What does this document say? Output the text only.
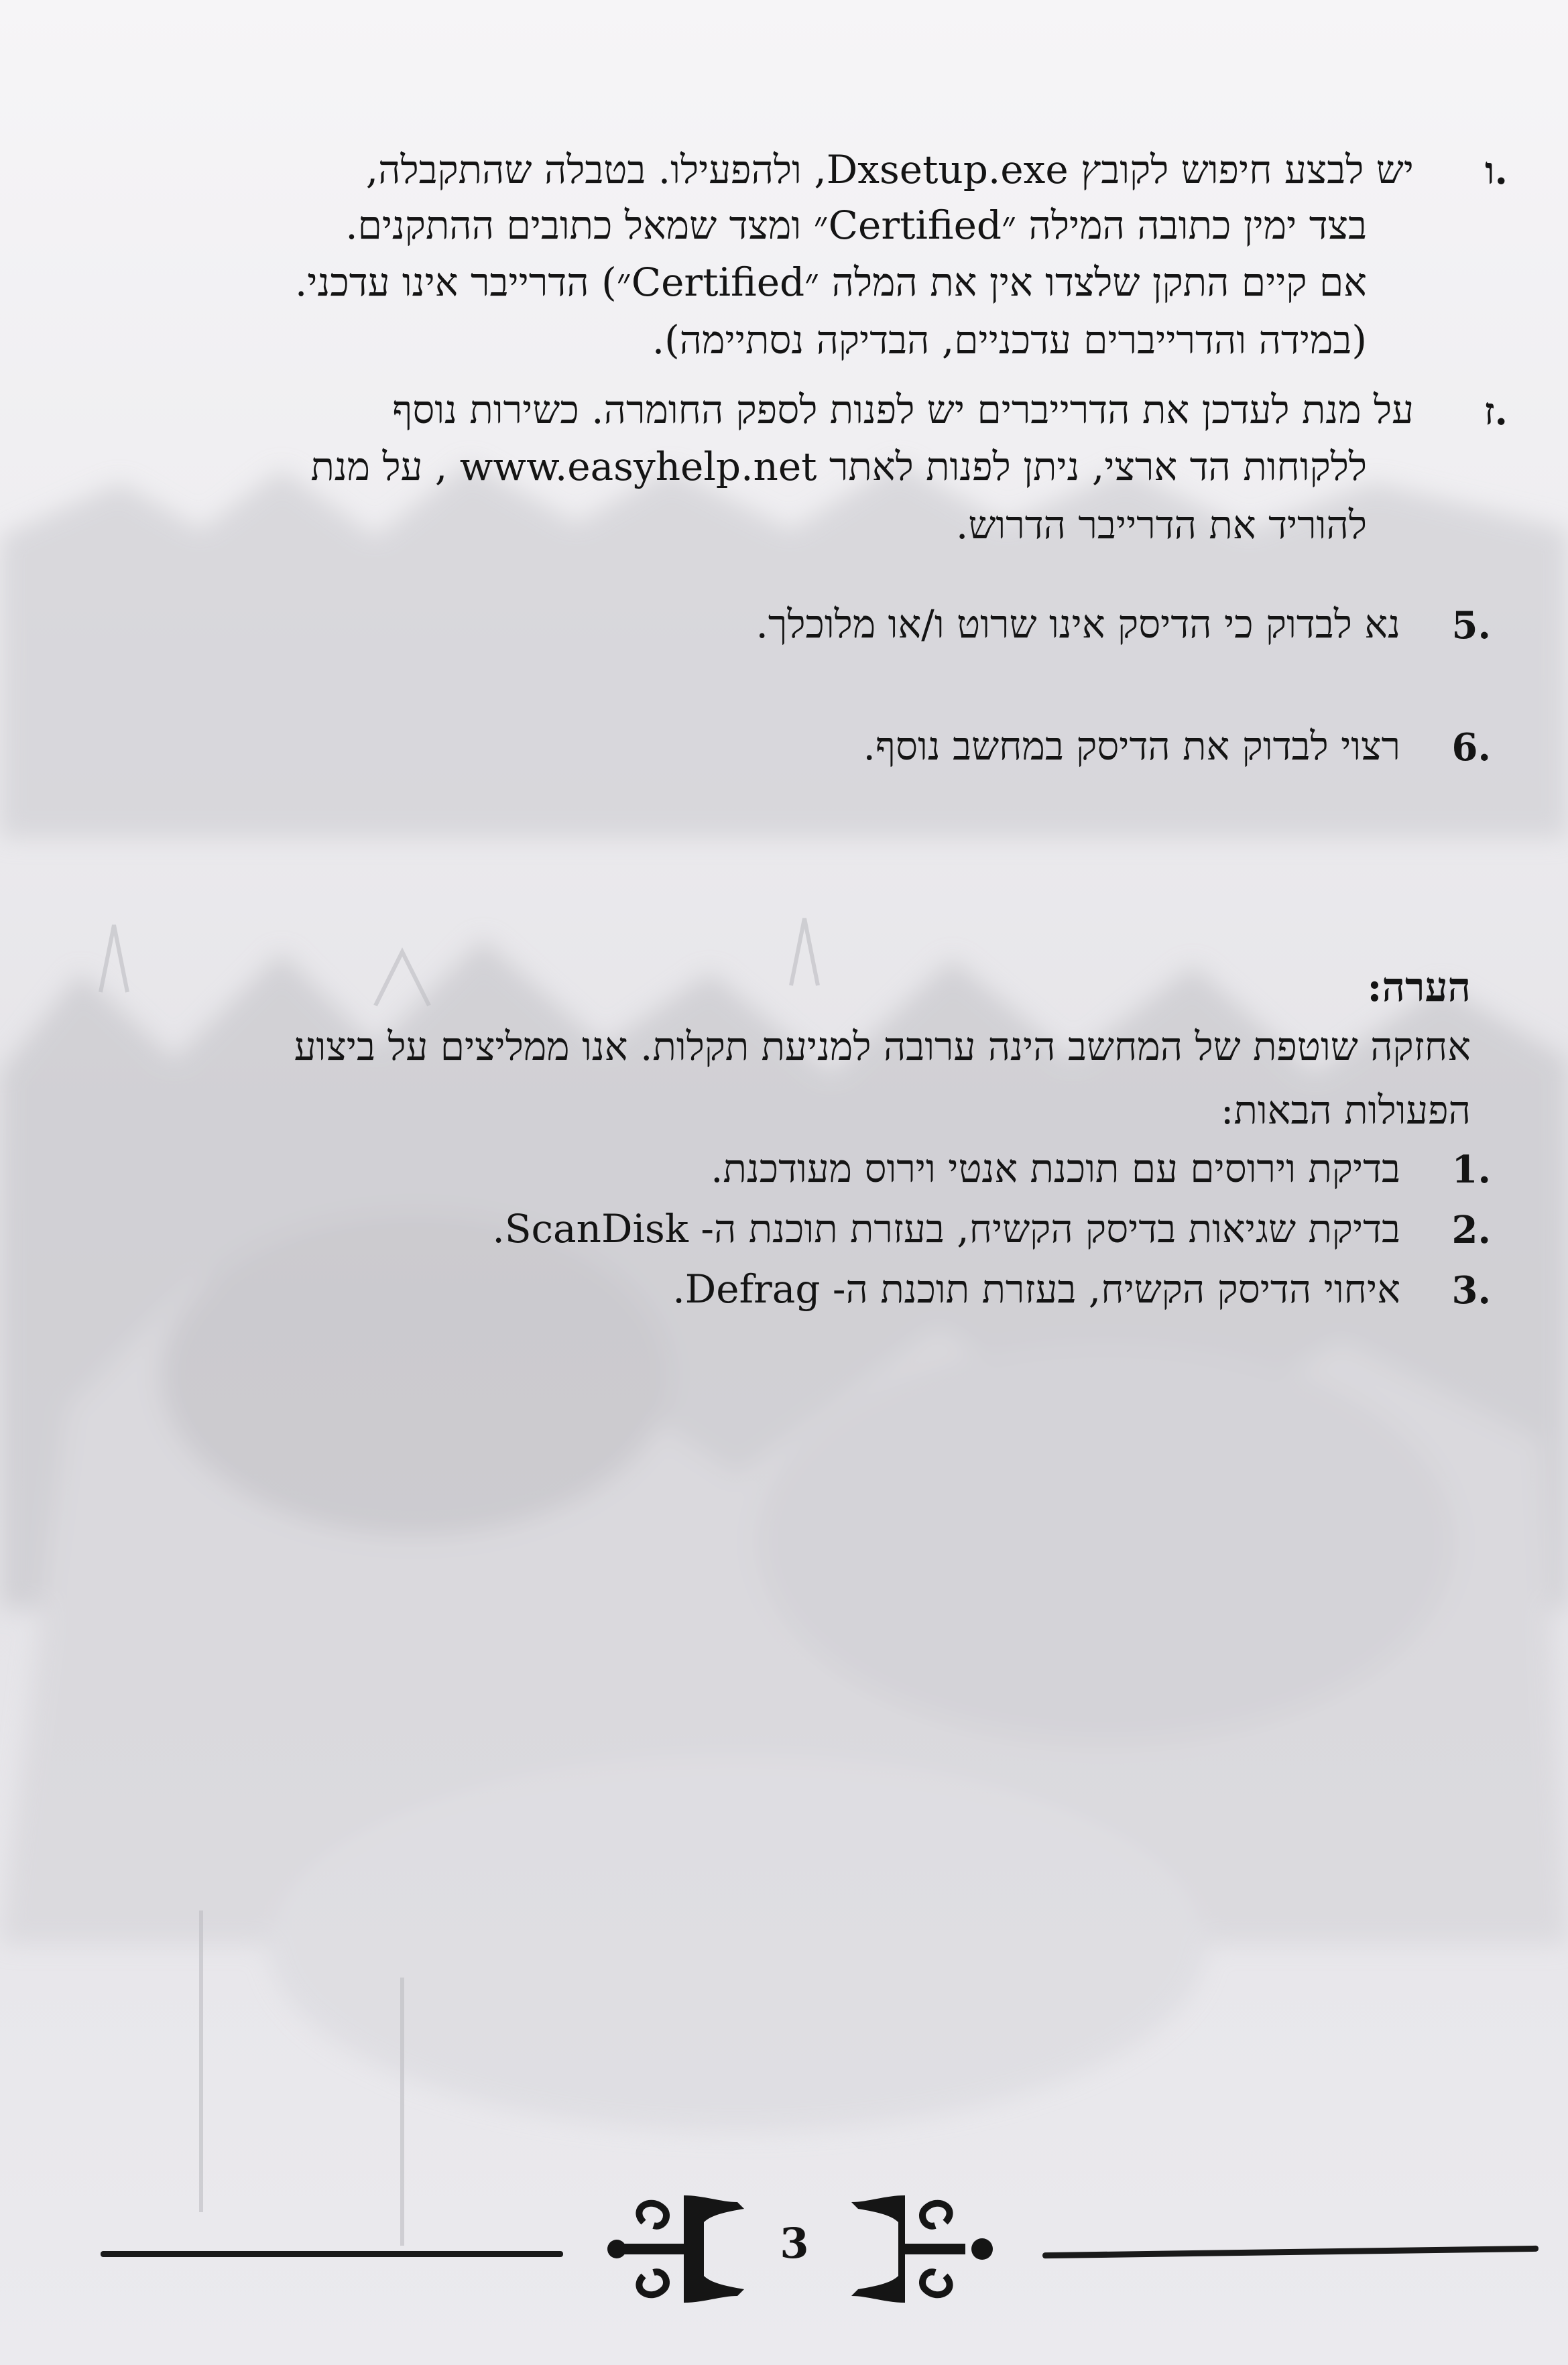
ו.
יש לבצע חיפוש לקובץ Dxsetup.exe, ולהפעילו. בטבלה שהתקבלה,
בצד ימין כתובה המילה ״Certified״ ומצד שמאל כתובים ההתקנים.
אם קיים התקן שלצדו אין את המלה ״Certified״) הדרייבר אינו עדכני.
(במידה והדרייברים עדכניים, הבדיקה נסתיימה).
ז.
על מנת לעדכן את הדרייברים יש לפנות לספק החומרה. כשירות נוסף
ללקוחות הד ארצי, ניתן לפנות לאתר www.easyhelp.net , על מנת
להוריד את הדרייבר הדרוש.
5.
נא לבדוק כי הדיסק אינו שרוט ו/או מלוכלך.
6.
רצוי לבדוק את הדיסק במחשב נוסף.
הערה:
אחזקה שוטפת של המחשב הינה ערובה למניעת תקלות. אנו ממליצים על ביצוע
הפעולות הבאות:
1.
בדיקת וירוסים עם תוכנת אנטי וירוס מעודכנת.
2.
בדיקת שגיאות בדיסק הקשיח, בעזרת תוכנת ה- ScanDisk.
3.
איחוי הדיסק הקשיח, בעזרת תוכנת ה- Defrag.
3
